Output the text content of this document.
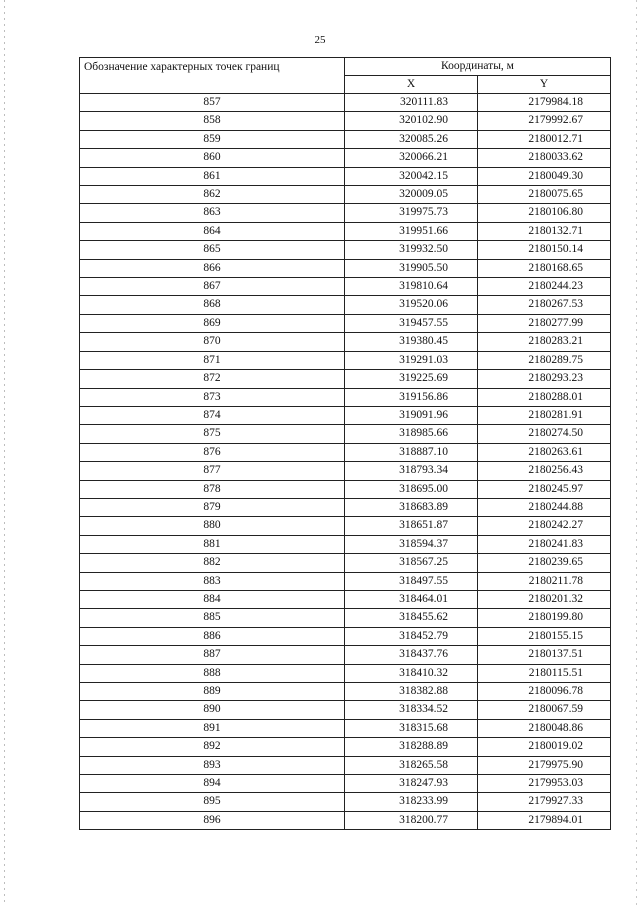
25
Обозначение характерных точек границ	Координаты, м	
	X	Y
857	320111.83	2179984.18
858	320102.90	2179992.67
859	320085.26	2180012.71
860	320066.21	2180033.62
861	320042.15	2180049.30
862	320009.05	2180075.65
863	319975.73	2180106.80
864	319951.66	2180132.71
865	319932.50	2180150.14
866	319905.50	2180168.65
867	319810.64	2180244.23
868	319520.06	2180267.53
869	319457.55	2180277.99
870	319380.45	2180283.21
871	319291.03	2180289.75
872	319225.69	2180293.23
873	319156.86	2180288.01
874	319091.96	2180281.91
875	318985.66	2180274.50
876	318887.10	2180263.61
877	318793.34	2180256.43
878	318695.00	2180245.97
879	318683.89	2180244.88
880	318651.87	2180242.27
881	318594.37	2180241.83
882	318567.25	2180239.65
883	318497.55	2180211.78
884	318464.01	2180201.32
885	318455.62	2180199.80
886	318452.79	2180155.15
887	318437.76	2180137.51
888	318410.32	2180115.51
889	318382.88	2180096.78
890	318334.52	2180067.59
891	318315.68	2180048.86
892	318288.89	2180019.02
893	318265.58	2179975.90
894	318247.93	2179953.03
895	318233.99	2179927.33
896	318200.77	2179894.01
